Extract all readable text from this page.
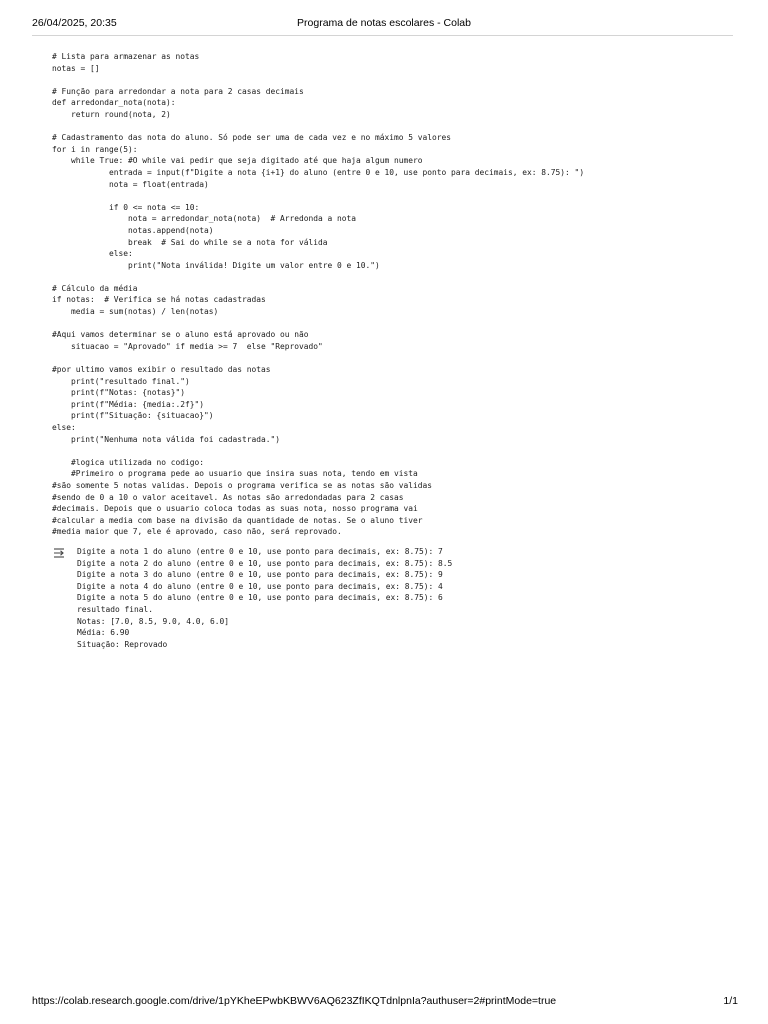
26/04/2025, 20:35	Programa de notas escolares - Colab
# Lista para armazenar as notas
notas = []

# Função para arredondar a nota para 2 casas decimais
def arredondar_nota(nota):
return round(nota, 2)

# Cadastramento das nota do aluno. Só pode ser uma de cada vez e no máximo 5 valores
for i in range(5):
while True: #O while vai pedir que seja digitado até que haja algum numero
entrada = input(f"Digite a nota {i+1} do aluno (entre 0 e 10, use ponto para decimais, ex: 8.75): ")
nota = float(entrada)

if 0 <= nota <= 10:
nota = arredondar_nota(nota)  # Arredonda a nota
notas.append(nota)
break  # Sai do while se a nota for válida
else:
print("Nota inválida! Digite um valor entre 0 e 10.")

# Cálculo da média
if notas:  # Verifica se há notas cadastradas
media = sum(notas) / len(notas)

#Aqui vamos determinar se o aluno está aprovado ou não
situacao = "Aprovado" if media >= 7  else "Reprovado"

#por ultimo vamos exibir o resultado das notas
print("resultado final.")
print(f"Notas: {notas}")
print(f"Média: {media:.2f}")
print(f"Situação: {situacao}")
else:
print("Nenhuma nota válida foi cadastrada.")

#logica utilizada no codigo:
#Primeiro o programa pede ao usuario que insira suas nota, tendo em vista
#são somente 5 notas validas. Depois o programa verifica se as notas são validas
#sendo de 0 a 10 o valor aceitavel. As notas são arredondadas para 2 casas
#decimais. Depois que o usuario coloca todas as suas nota, nosso programa vai
#calcular a media com base na divisão da quantidade de notas. Se o aluno tiver
#media maior que 7, ele é aprovado, caso não, será reprovado.
Digite a nota 1 do aluno (entre 0 e 10, use ponto para decimais, ex: 8.75): 7
Digite a nota 2 do aluno (entre 0 e 10, use ponto para decimais, ex: 8.75): 8.5
Digite a nota 3 do aluno (entre 0 e 10, use ponto para decimais, ex: 8.75): 9
Digite a nota 4 do aluno (entre 0 e 10, use ponto para decimais, ex: 8.75): 4
Digite a nota 5 do aluno (entre 0 e 10, use ponto para decimais, ex: 8.75): 6
resultado final.
Notas: [7.0, 8.5, 9.0, 4.0, 6.0]
Média: 6.90
Situação: Reprovado
https://colab.research.google.com/drive/1pYKheEPwbKBWV6AQ623ZfIKQTdnlpnIa?authuser=2#printMode=true	1/1
